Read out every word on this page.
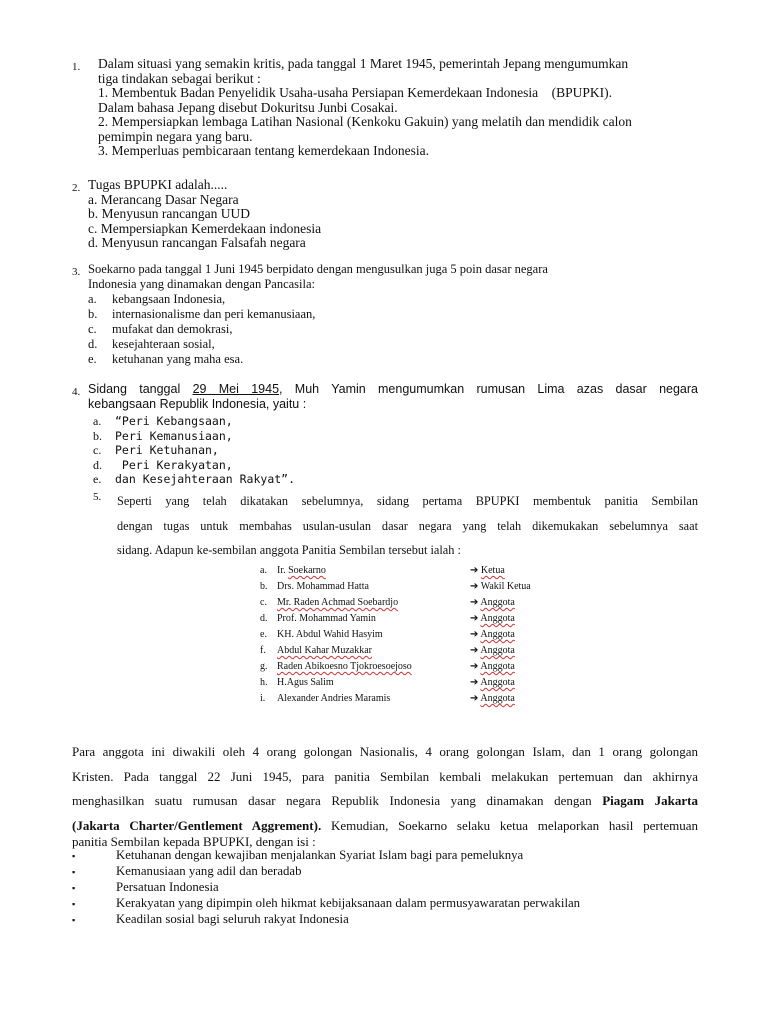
1.	Dalam situasi yang semakin kritis, pada tanggal 1 Maret 1945, pemerintah Jepang mengumumkan
tiga tindakan sebagai berikut :
1. Membentuk Badan Penyelidik Usaha-usaha Persiapan Kemerdekaan Indonesia    (BPUPKI).
Dalam bahasa Jepang disebut Dokuritsu Junbi Cosakai.
2. Mempersiapkan lembaga Latihan Nasional (Kenkoku Gakuin) yang melatih dan mendidik calon
pemimpin negara yang baru.
3. Memperluas pembicaraan tentang kemerdekaan Indonesia.
2. Tugas BPUPKI adalah.....
a. Merancang Dasar Negara
b. Menyusun rancangan UUD
c. Mempersiapkan Kemerdekaan indonesia
d. Menyusun rancangan Falsafah negara
3. Soekarno pada tanggal 1 Juni 1945 berpidato dengan mengusulkan juga 5 poin dasar negara
Indonesia yang dinamakan dengan Pancasila:
a. kebangsaan Indonesia,
b. internasionalisme dan peri kemanusiaan,
c. mufakat dan demokrasi,
d. kesejahteraan sosial,
e. ketuhanan yang maha esa.
4. Sidang tanggal 29 Mei 1945, Muh Yamin mengumumkan rumusan Lima azas dasar negara
kebangsaan Republik Indonesia, yaitu :
a. “Peri Kebangsaan,
b. Peri Kemanusiaan,
c. Peri Ketuhanan,
d. Peri Kerakyatan,
e. dan Kesejahteraan Rakyat”.
5. Seperti yang telah dikatakan sebelumnya, sidang pertama BPUPKI membentuk panitia Sembilan
dengan tugas untuk membahas usulan-usulan dasar negara yang telah dikemukakan sebelumnya saat
sidang. Adapun ke-sembilan anggota Panitia Sembilan tersebut ialah :
a.	Ir. Soekarno	➔ Ketua
b. Drs. Mohammad Hatta	➔ Wakil Ketua
c.	Mr. Raden Achmad Soebardjo	➔ Anggota
d. Prof. Mohammad Yamin	➔ Anggota
e.	KH. Abdul Wahid Hasyim	➔ Anggota
f.	Abdul Kahar Muzakkar	➔ Anggota
g. Raden Abikoesno Tjokroesoejoso	➔ Anggota
h. H.Agus Salim	➔ Anggota
i.	Alexander Andries Maramis	➔ Anggota
Para anggota ini diwakili oleh 4 orang golongan Nasionalis, 4 orang golongan Islam, dan 1 orang golongan
Kristen. Pada tanggal 22 Juni 1945, para panitia Sembilan kembali melakukan pertemuan dan akhirnya
menghasilkan suatu rumusan dasar negara Republik Indonesia yang dinamakan dengan Piagam Jakarta
(Jakarta Charter/Gentlement Aggrement). Kemudian, Soekarno selaku ketua melaporkan hasil pertemuan
panitia Sembilan kepada BPUPKI, dengan isi :
▪	Ketuhanan dengan kewajiban menjalankan Syariat Islam bagi para pemeluknya
▪	Kemanusiaan yang adil dan beradab
▪	Persatuan Indonesia
▪	Kerakyatan yang dipimpin oleh hikmat kebijaksanaan dalam permusyawaratan perwakilan
▪	Keadilan sosial bagi seluruh rakyat Indonesia
